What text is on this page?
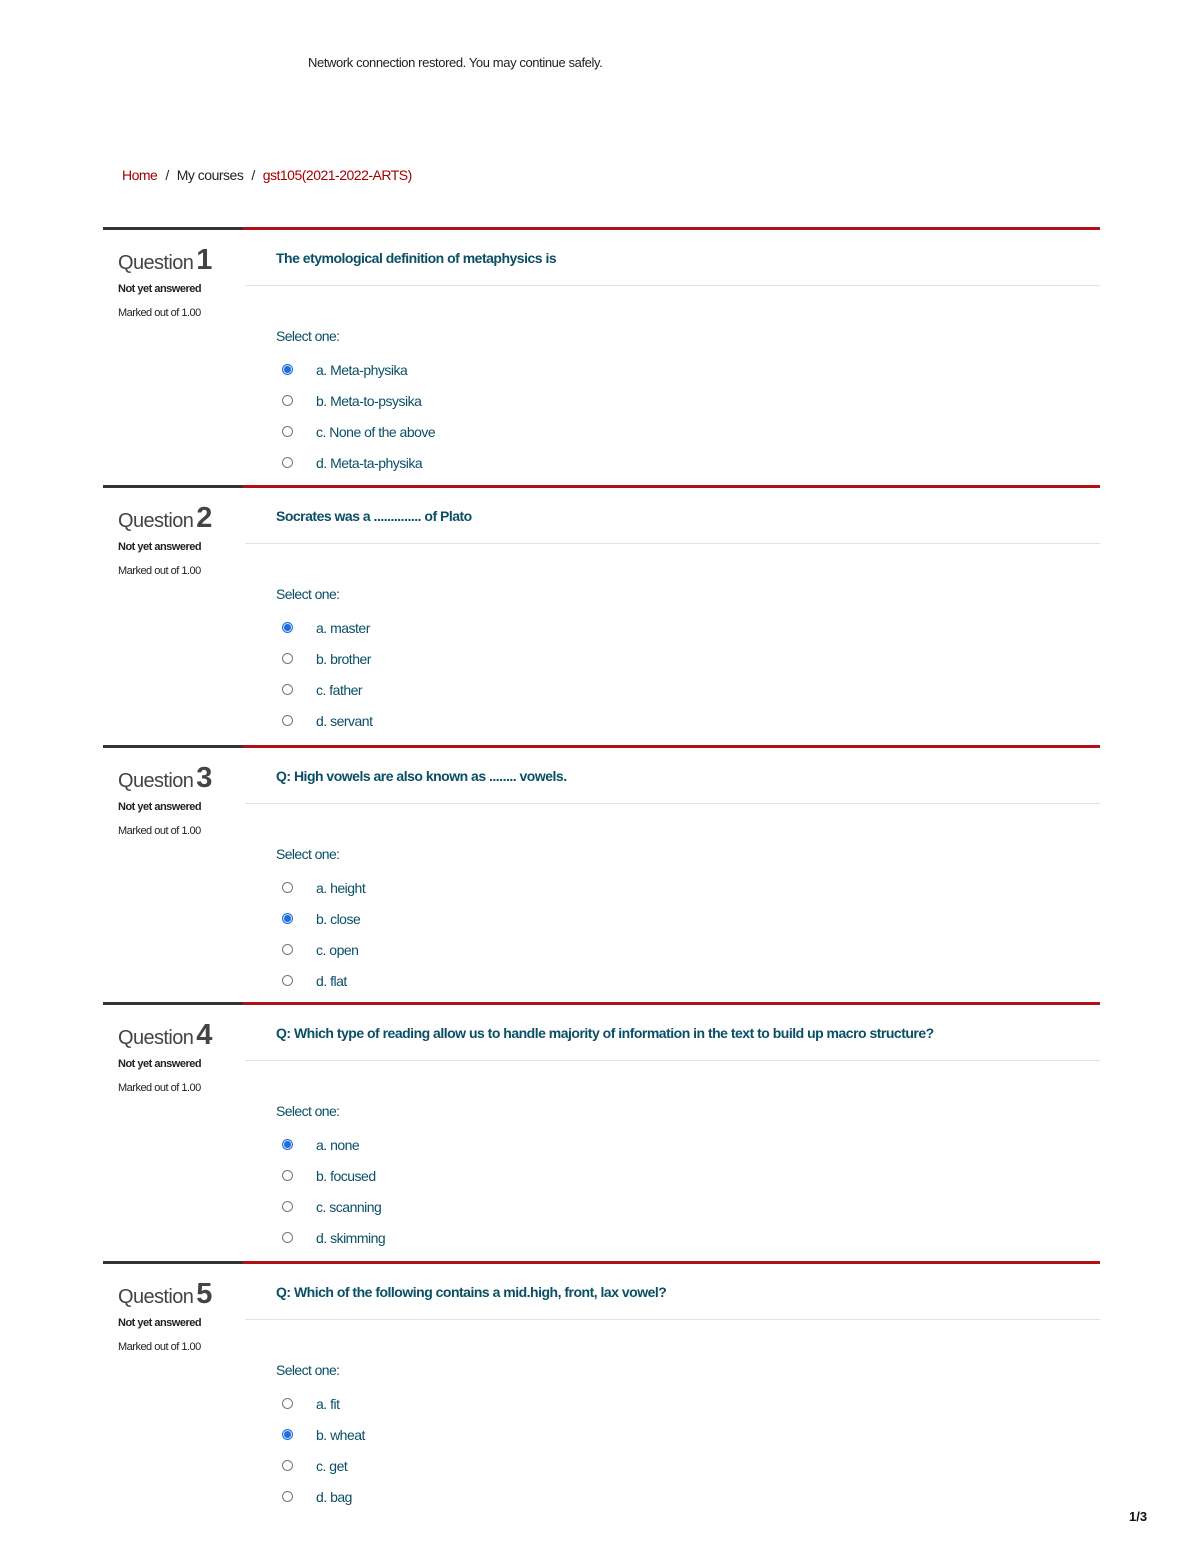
Network connection restored. You may continue safely.
Home / My courses / gst105(2021-2022-ARTS)
Question 1
Not yet answered
Marked out of 1.00
The etymological definition of metaphysics is
Select one:
a. Meta-physika
b. Meta-to-psysika
c. None of the above
d. Meta-ta-physika
Question 2
Not yet answered
Marked out of 1.00
Socrates was a .............. of Plato
Select one:
a. master
b. brother
c. father
d. servant
Question 3
Not yet answered
Marked out of 1.00
Q: High vowels are also known as ........ vowels.
Select one:
a. height
b. close
c. open
d. flat
Question 4
Not yet answered
Marked out of 1.00
Q: Which type of reading allow us to handle majority of information in the text to build up macro structure?
Select one:
a. none
b. focused
c. scanning
d. skimming
Question 5
Not yet answered
Marked out of 1.00
Q: Which of the following contains a mid.high, front, lax vowel?
Select one:
a. fit
b. wheat
c. get
d. bag
1/3
